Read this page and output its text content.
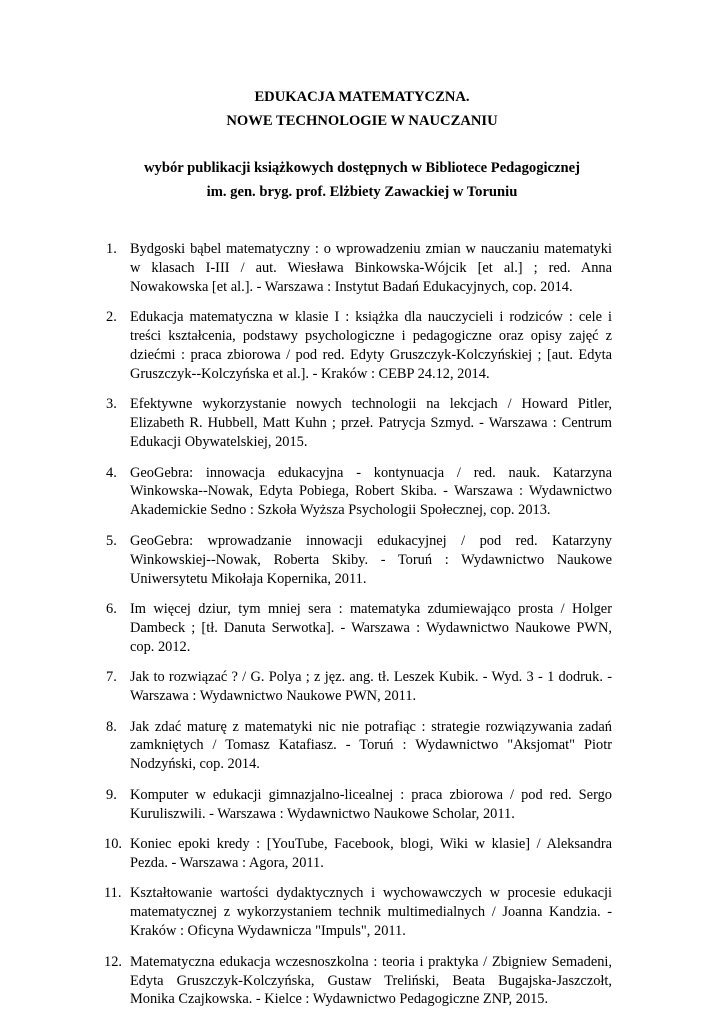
EDUKACJA MATEMATYCZNA.
NOWE TECHNOLOGIE W NAUCZANIU
wybór publikacji książkowych dostępnych w Bibliotece Pedagogicznej
im. gen. bryg. prof. Elżbiety Zawackiej w Toruniu
1. Bydgoski bąbel matematyczny : o wprowadzeniu zmian w nauczaniu matematyki w klasach I-III / aut. Wiesława Binkowska-Wójcik [et al.] ; red. Anna Nowakowska [et al.]. - Warszawa : Instytut Badań Edukacyjnych, cop. 2014.
2. Edukacja matematyczna w klasie I : książka dla nauczycieli i rodziców : cele i treści kształcenia, podstawy psychologiczne i pedagogiczne oraz opisy zajęć z dziećmi : praca zbiorowa / pod red. Edyty Gruszczyk-Kolczyńskiej ; [aut. Edyta Gruszczyk--Kolczyńska et al.]. - Kraków : CEBP 24.12, 2014.
3. Efektywne wykorzystanie nowych technologii na lekcjach / Howard Pitler, Elizabeth R. Hubbell, Matt Kuhn ; przeł. Patrycja Szmyd. - Warszawa : Centrum Edukacji Obywatelskiej, 2015.
4. GeoGebra: innowacja edukacyjna - kontynuacja / red. nauk. Katarzyna Winkowska--Nowak, Edyta Pobiega, Robert Skiba. - Warszawa : Wydawnictwo Akademickie Sedno : Szkoła Wyższa Psychologii Społecznej, cop. 2013.
5. GeoGebra: wprowadzanie innowacji edukacyjnej / pod red. Katarzyny Winkowskiej--Nowak, Roberta Skiby. - Toruń : Wydawnictwo Naukowe Uniwersytetu Mikołaja Kopernika, 2011.
6. Im więcej dziur, tym mniej sera : matematyka zdumiewająco prosta / Holger Dambeck ; [tł. Danuta Serwotka]. - Warszawa : Wydawnictwo Naukowe PWN, cop. 2012.
7. Jak to rozwiązać ? / G. Polya ; z jęz. ang. tł. Leszek Kubik. - Wyd. 3 - 1 dodruk. - Warszawa : Wydawnictwo Naukowe PWN, 2011.
8. Jak zdać maturę z matematyki nic nie potrafiąc : strategie rozwiązywania zadań zamkniętych / Tomasz Katafiasz. - Toruń : Wydawnictwo "Aksjomat" Piotr Nodzyński, cop. 2014.
9. Komputer w edukacji gimnazjalno-licealnej : praca zbiorowa / pod red. Sergo Kuruliszwili. - Warszawa : Wydawnictwo Naukowe Scholar, 2011.
10. Koniec epoki kredy : [YouTube, Facebook, blogi, Wiki w klasie] / Aleksandra Pezda. - Warszawa : Agora, 2011.
11. Kształtowanie wartości dydaktycznych i wychowawczych w procesie edukacji matematycznej z wykorzystaniem technik multimedialnych / Joanna Kandzia. - Kraków : Oficyna Wydawnicza "Impuls", 2011.
12. Matematyczna edukacja wczesnoszkolna : teoria i praktyka / Zbigniew Semadeni, Edyta Gruszczyk-Kolczyńska, Gustaw Treliński, Beata Bugajska-Jaszczołt, Monika Czajkowska. - Kielce : Wydawnictwo Pedagogiczne ZNP, 2015.
